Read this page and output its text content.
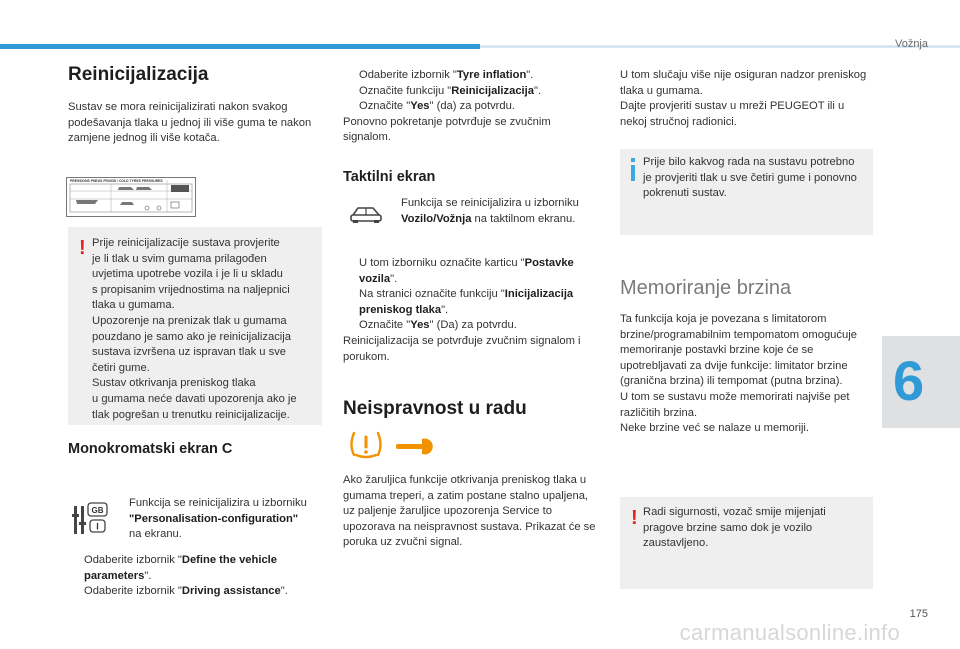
Vožnja
6
Reinicijalizacija

Sustav se mora reinicijalizirati nakon svakog podešavanja tlaka u jednoj ili više guma te nakon zamjene jednog ili više kotača.

PRESSIONS PNEUS FROIDS / COLD TYRES PRESSURES
! Prije reinicijalizacije sustava provjerite
je li tlak u svim gumama prilagođen
uvjetima upotrebe vozila i je li u skladu
s propisanim vrijednostima na naljepnici
tlaka u gumama.
Upozorenje na prenizak tlak u gumama
pouzdano je samo ako je reinicijalizacija
sustava izvršena uz ispravan tlak u sve
četiri gume.
Sustav otkrivanja preniskog tlaka
u gumama neće davati upozorenja ako je
tlak pogrešan u trenutku reinicijalizacije.
Monokromatski ekran C
GB
I
Funkcija se reinicijalizira u izborniku
"Personalisation-configuration"
na ekranu.
Odaberite izbornik "Define the vehicle parameters".
Odaberite izbornik "Driving assistance".
Odaberite izbornik "Tyre inflation".
Označite funkciju "Reinicijalizacija".
Označite "Yes" (da) za potvrdu.
Ponovno pokretanje potvrđuje se zvučnim signalom.
Taktilni ekran
Funkcija se reinicijalizira u izborniku
Vozilo/Vožnja na taktilnom ekranu.
U tom izborniku označite karticu "Postavke vozila".
Na stranici označite funkciju "Inicijalizacija preniskog tlaka".
Označite "Yes" (Da) za potvrdu.
Reinicijalizacija se potvrđuje zvučnim signalom i porukom.
Neispravnost u radu

Ako žaruljica funkcije otkrivanja preniskog tlaka u gumama treperi, a zatim postane stalno upaljena, uz paljenje žaruljice upozorenja Service to upozorava na neispravnost sustava. Prikazat će se poruka uz zvučni signal.

U tom slučaju više nije osiguran nadzor preniskog tlaka u gumama.
Dajte provjeriti sustav u mreži PEUGEOT ili u nekoj stručnoj radionici.

Prije bilo kakvog rada na sustavu potrebno je provjeriti tlak u sve četiri gume i ponovno pokrenuti sustav.
Memoriranje brzina

Ta funkcija koja je povezana s limitatorom brzine/programabilnim tempomatom omogućuje memoriranje postavki brzine koje će se upotrebljavati za dvije funkcije: limitator brzine (granična brzina) ili tempomat (putna brzina).
U tom se sustavu može memorirati najviše pet različitih brzina.
Neke brzine već se nalaze u memoriji.

! Radi sigurnosti, vozač smije mijenjati pragove brzine samo dok je vozilo zaustavljeno.
175
carmanualsonline.info
